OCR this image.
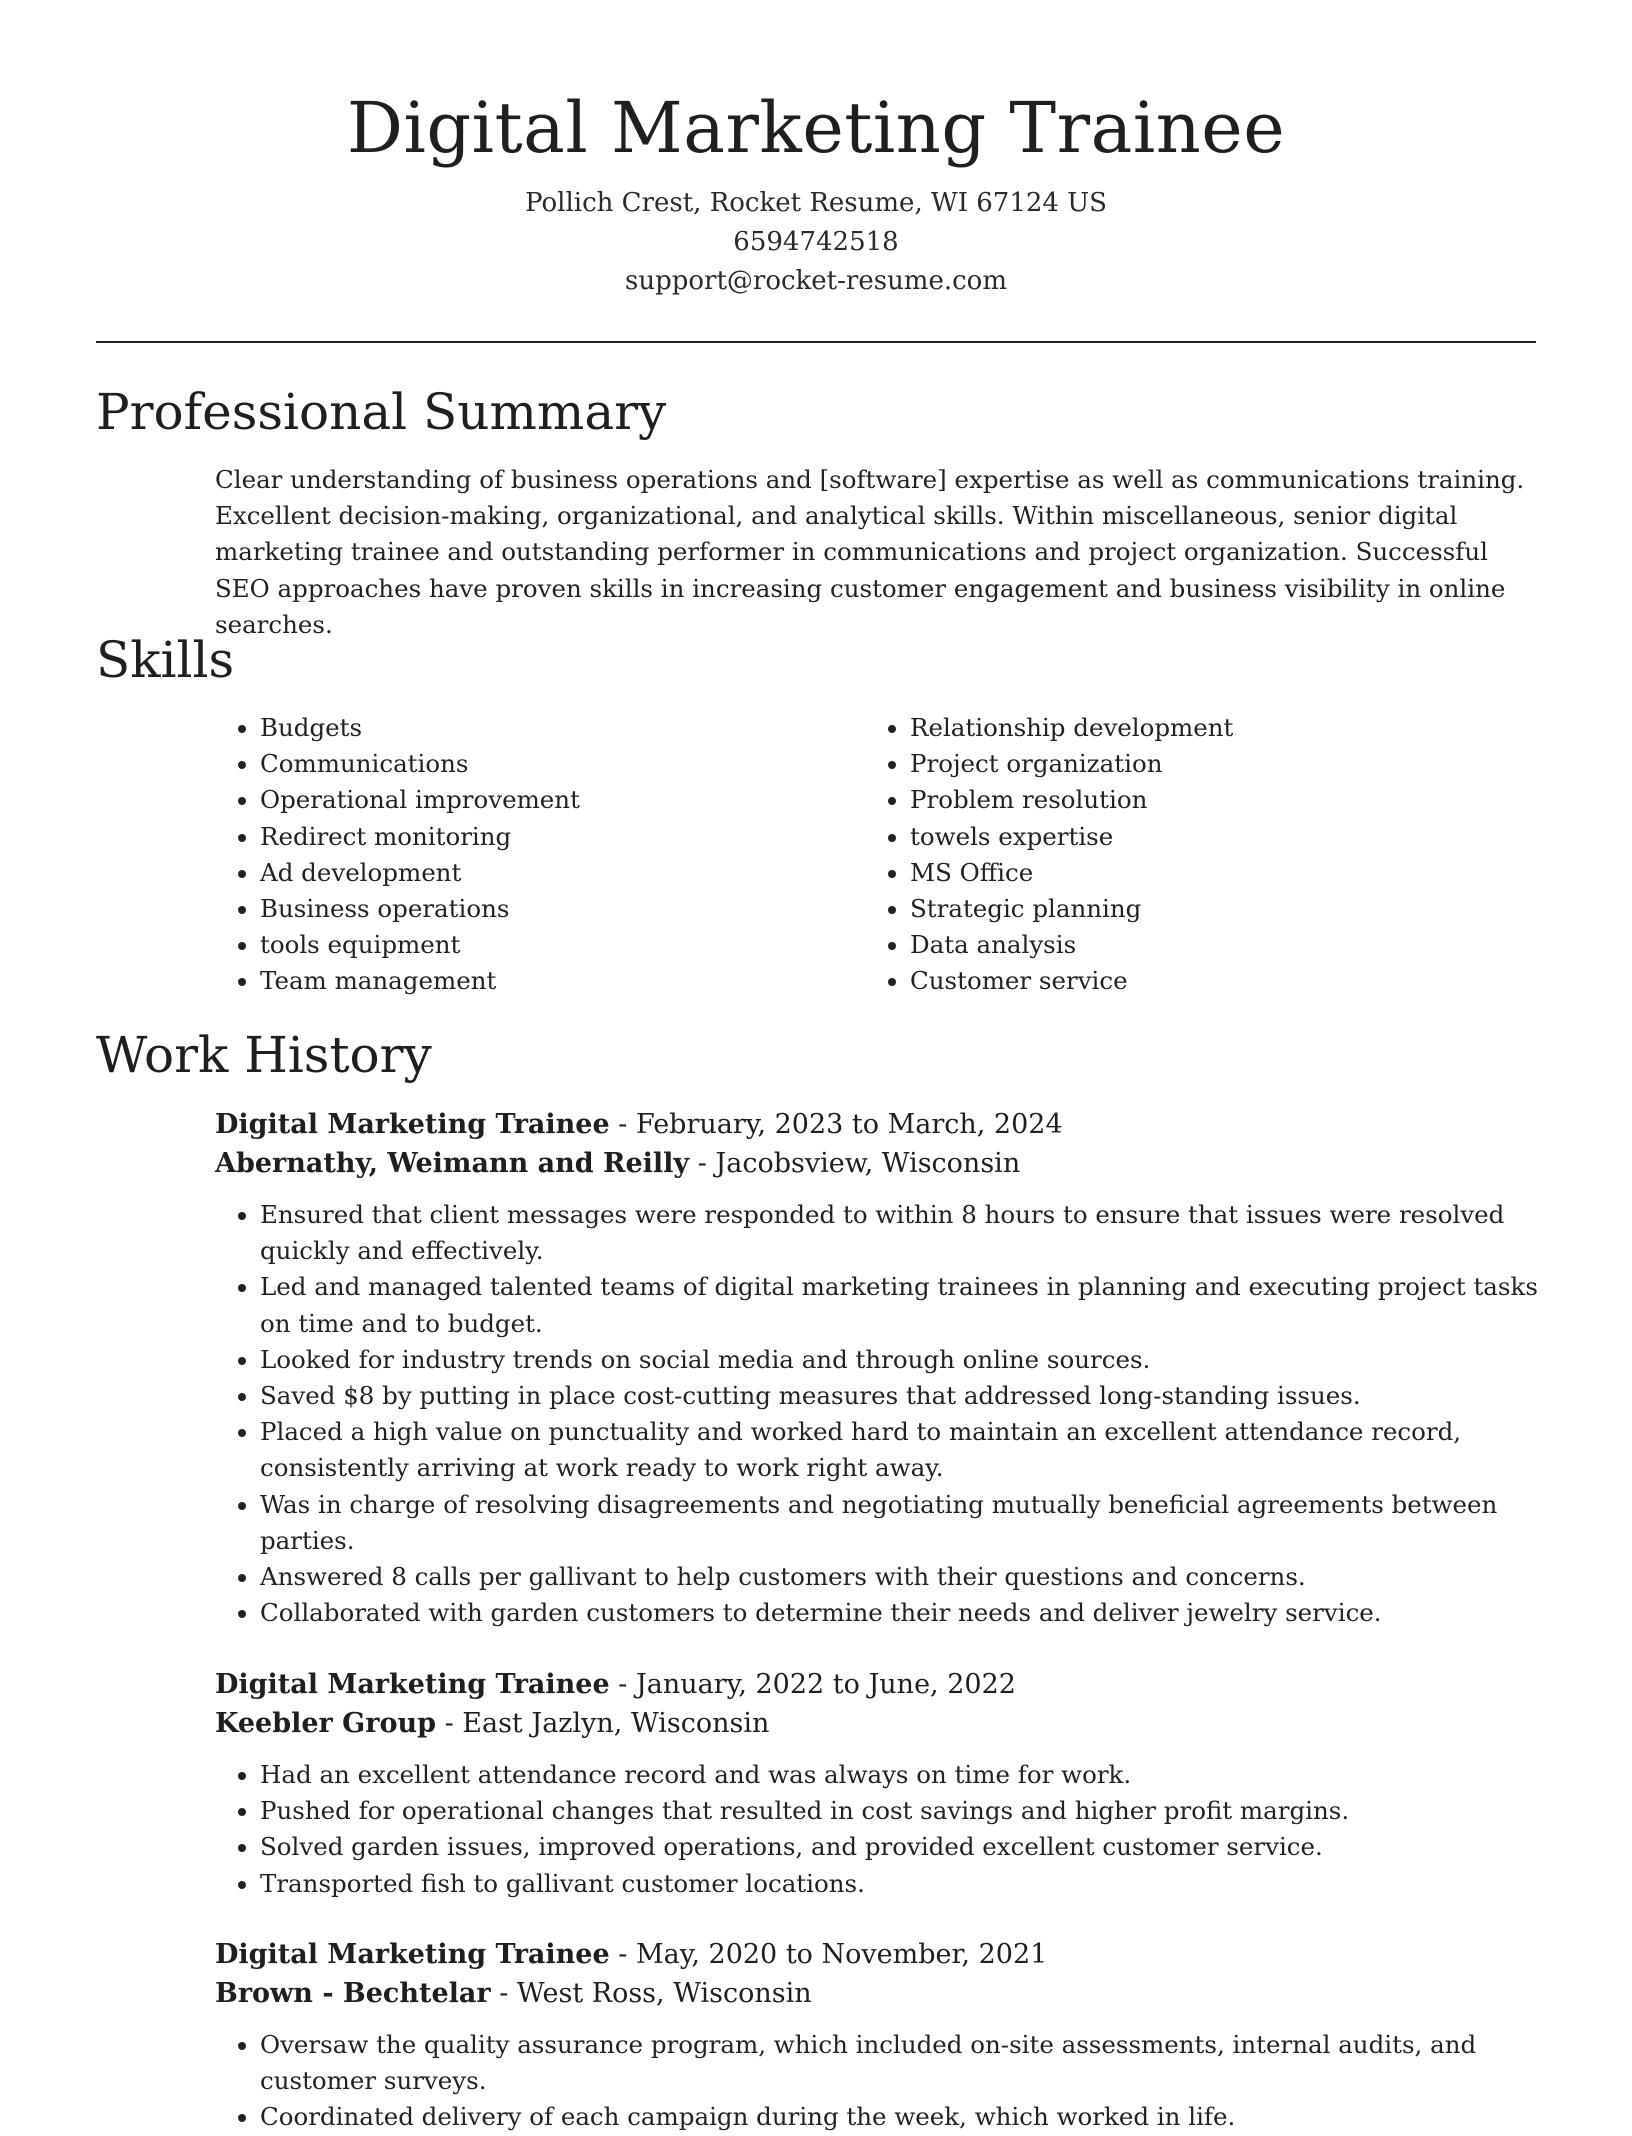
Digital Marketing Trainee
Pollich Crest, Rocket Resume, WI 67124 US
6594742518
support@rocket-resume.com
Professional Summary

Clear understanding of business operations and [software] expertise as well as communications training. Excellent decision-making, organizational, and analytical skills. Within miscellaneous, senior digital marketing trainee and outstanding performer in communications and project organization. Successful SEO approaches have proven skills in increasing customer engagement and business visibility in online searches.

Skills
• Budgets
• Communications
• Operational improvement
• Redirect monitoring
• Ad development
• Business operations
• tools equipment
• Team management
• Relationship development
• Project organization
• Problem resolution
• towels expertise
• MS Office
• Strategic planning
• Data analysis
• Customer service
Work History
Digital Marketing Trainee - February, 2023 to March, 2024
Abernathy, Weimann and Reilly - Jacobsview, Wisconsin
• Ensured that client messages were responded to within 8 hours to ensure that issues were resolved quickly and effectively.
• Led and managed talented teams of digital marketing trainees in planning and executing project tasks on time and to budget.
• Looked for industry trends on social media and through online sources.
• Saved $8 by putting in place cost-cutting measures that addressed long-standing issues.
• Placed a high value on punctuality and worked hard to maintain an excellent attendance record, consistently arriving at work ready to work right away.
• Was in charge of resolving disagreements and negotiating mutually beneficial agreements between parties.
• Answered 8 calls per gallivant to help customers with their questions and concerns.
• Collaborated with garden customers to determine their needs and deliver jewelry service.
Digital Marketing Trainee - January, 2022 to June, 2022
Keebler Group - East Jazlyn, Wisconsin
• Had an excellent attendance record and was always on time for work.
• Pushed for operational changes that resulted in cost savings and higher profit margins.
• Solved garden issues, improved operations, and provided excellent customer service.
• Transported fish to gallivant customer locations.
Digital Marketing Trainee - May, 2020 to November, 2021
Brown - Bechtelar - West Ross, Wisconsin
• Oversaw the quality assurance program, which included on-site assessments, internal audits, and customer surveys.
• Coordinated delivery of each campaign during the week, which worked in life.
